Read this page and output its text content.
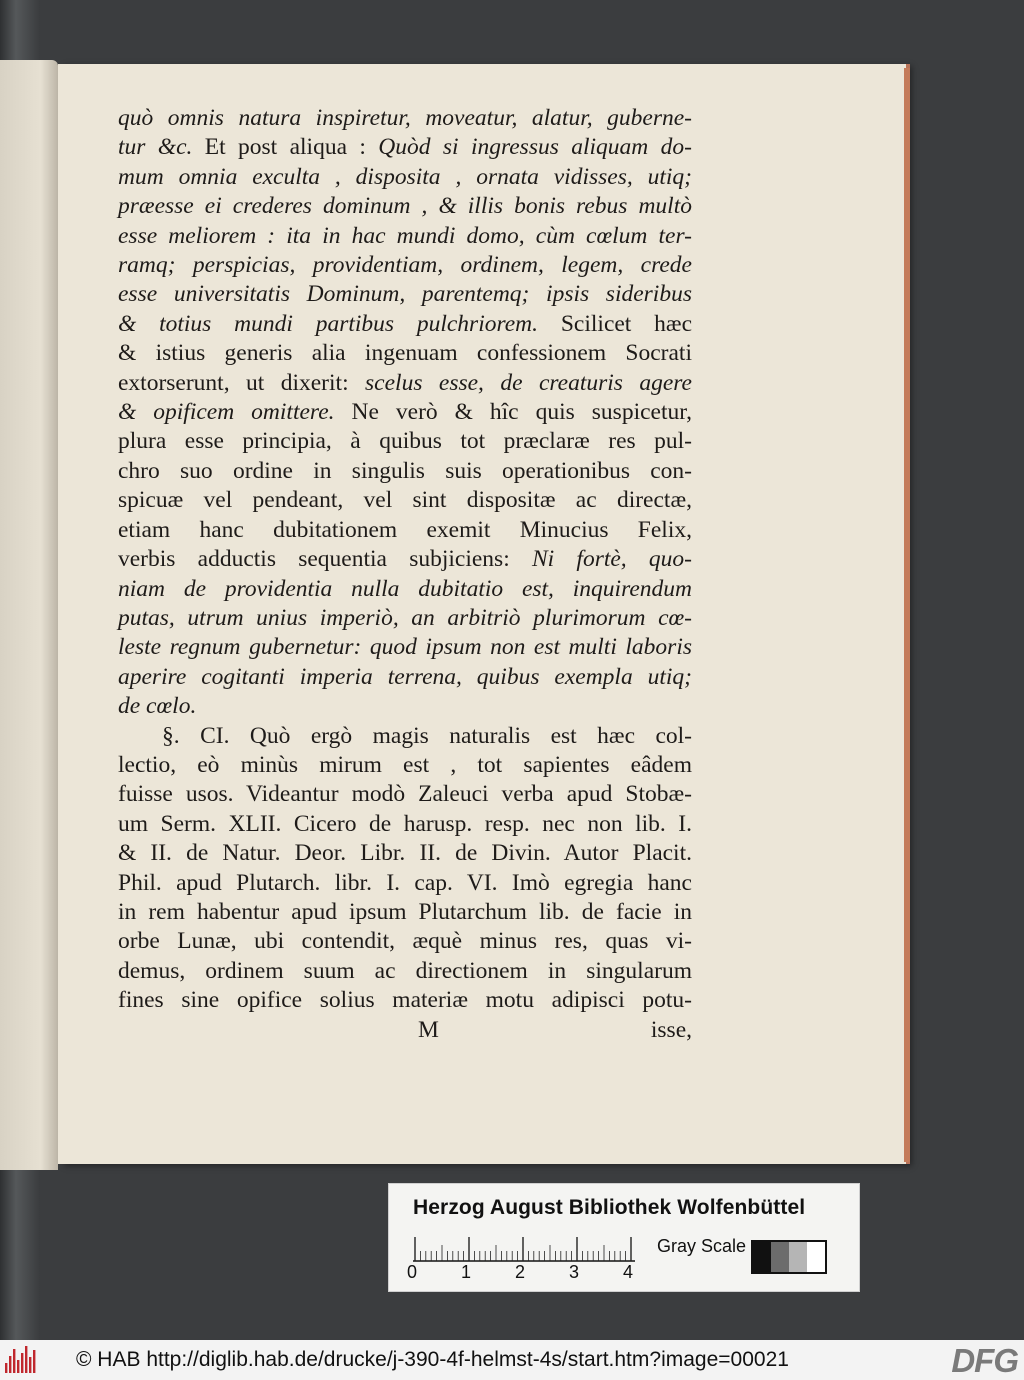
quò omnis natura inspiretur, moveatur, alatur, guberne-
tur &c. Et post aliqua : Quòd si ingressus aliquam do-
mum omnia exculta , disposita , ornata vidisses, utiq;
præesse ei crederes dominum , & illis bonis rebus multò
esse meliorem : ita in hac mundi domo, cùm cœlum ter-
ramq; perspicias, providentiam, ordinem, legem, crede
esse universitatis Dominum, parentemq; ipsis sideribus
& totius mundi partibus pulchriorem. Scilicet hæc
& istius generis alia ingenuam confessionem Socrati
extorserunt, ut dixerit: scelus esse, de creaturis agere
& opificem omittere. Ne verò & hîc quis suspicetur,
plura esse principia, à quibus tot præclaræ res pul-
chro suo ordine in singulis suis operationibus con-
spicuæ vel pendeant, vel sint dispositæ ac directæ,
etiam hanc dubitationem exemit Minucius Felix,
verbis adductis sequentia subjiciens: Ni fortè, quo-
niam de providentia nulla dubitatio est, inquirendum
putas, utrum unius imperiò, an arbitriò plurimorum cœ-
leste regnum gubernetur: quod ipsum non est multi laboris
aperire cogitanti imperia terrena, quibus exempla utiq;
de cœlo.
§. CI. Quò ergò magis naturalis est hæc col-
lectio, eò minùs mirum est , tot sapientes eâdem
fuisse usos. Videantur modò Zaleuci verba apud Stobæ-
um Serm. XLII. Cicero de harusp. resp. nec non lib. I.
& II. de Natur. Deor. Libr. II. de Divin. Autor Placit.
Phil. apud Plutarch. libr. I. cap. VI. Imò egregia hanc
in rem habentur apud ipsum Plutarchum lib. de facie in
orbe Lunæ, ubi contendit, æquè minus res, quas vi-
demus, ordinem suum ac directionem in singularum
fines sine opifice solius materiæ motu adipisci potu-
M	isse,
Herzog August Bibliothek Wolfenbüttel
0 1 2 3 4
Gray Scale
© HAB http://diglib.hab.de/drucke/j-390-4f-helmst-4s/start.htm?image=00021	DFG
